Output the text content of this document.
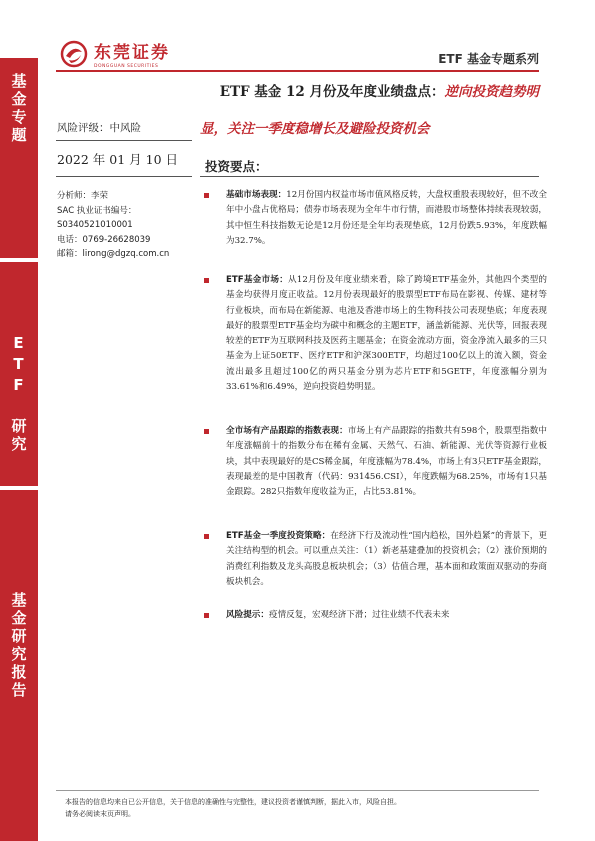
基金专题
ETF 研究
基金研究报告
东莞证券
DONGGUAN SECURITIES
ETF 基金专题系列
ETF 基金 12 月份及年度业绩盘点：逆向投资趋势明
显，关注一季度稳增长及避险投资机会
风险评级：中风险
2022 年 01 月 10 日
分析师：李荣
SAC 执业证书编号：
S0340521010001
电话：0769-26628039
邮箱：lirong@dgzq.com.cn
投资要点：
基础市场表现：12月份国内权益市场市值风格反转，大盘权重股表现较好，但不改全年中小盘占优格局；债券市场表现为全年牛市行情，而港股市场整体持续表现较弱，其中恒生科技指数无论是12月份还是全年均表现垫底，12月份跌5.93%，年度跌幅为32.7%。
ETF基金市场：从12月份及年度业绩来看，除了跨境ETF基金外，其他四个类型的基金均获得月度正收益。12月份表现最好的股票型ETF布局在影视、传媒、建材等行业板块，而布局在新能源、电池及香港市场上的生物科技公司表现垫底；年度表现最好的股票型ETF基金均为碳中和概念的主题ETF，涵盖新能源、光伏等，回报表现较差的ETF为互联网科技及医药主题基金；在资金流动方面，资金净流入最多的三只基金为上证50ETF、医疗ETF和沪深300ETF，均超过100亿以上的流入额，资金流出最多且超过100亿的两只基金分别为芯片ETF和5GETF，年度涨幅分别为33.61%和6.49%，逆向投资趋势明显。
全市场有产品跟踪的指数表现：市场上有产品跟踪的指数共有598个，股票型指数中年度涨幅前十的指数分布在稀有金属、天然气、石油、新能源、光伏等资源行业板块，其中表现最好的是CS稀金属，年度涨幅为78.4%，市场上有3只ETF基金跟踪，表现最差的是中国教育（代码：931456.CSI），年度跌幅为68.25%，市场有1只基金跟踪。282只指数年度收益为正，占比53.81%。
ETF基金一季度投资策略：在经济下行及流动性“国内趋松，国外趋紧”的背景下，更关注结构型的机会。可以重点关注：（1）新老基建叠加的投资机会；（2）涨价预期的消费红利指数及龙头高股息板块机会；（3）估值合理，基本面和政策面双驱动的券商板块机会。
风险提示：疫情反复，宏观经济下滑；过往业绩不代表未来
本报告的信息均来自已公开信息，关于信息的准确性与完整性，建议投资者谨慎判断，据此入市，风险自担。
请务必阅读末页声明。
